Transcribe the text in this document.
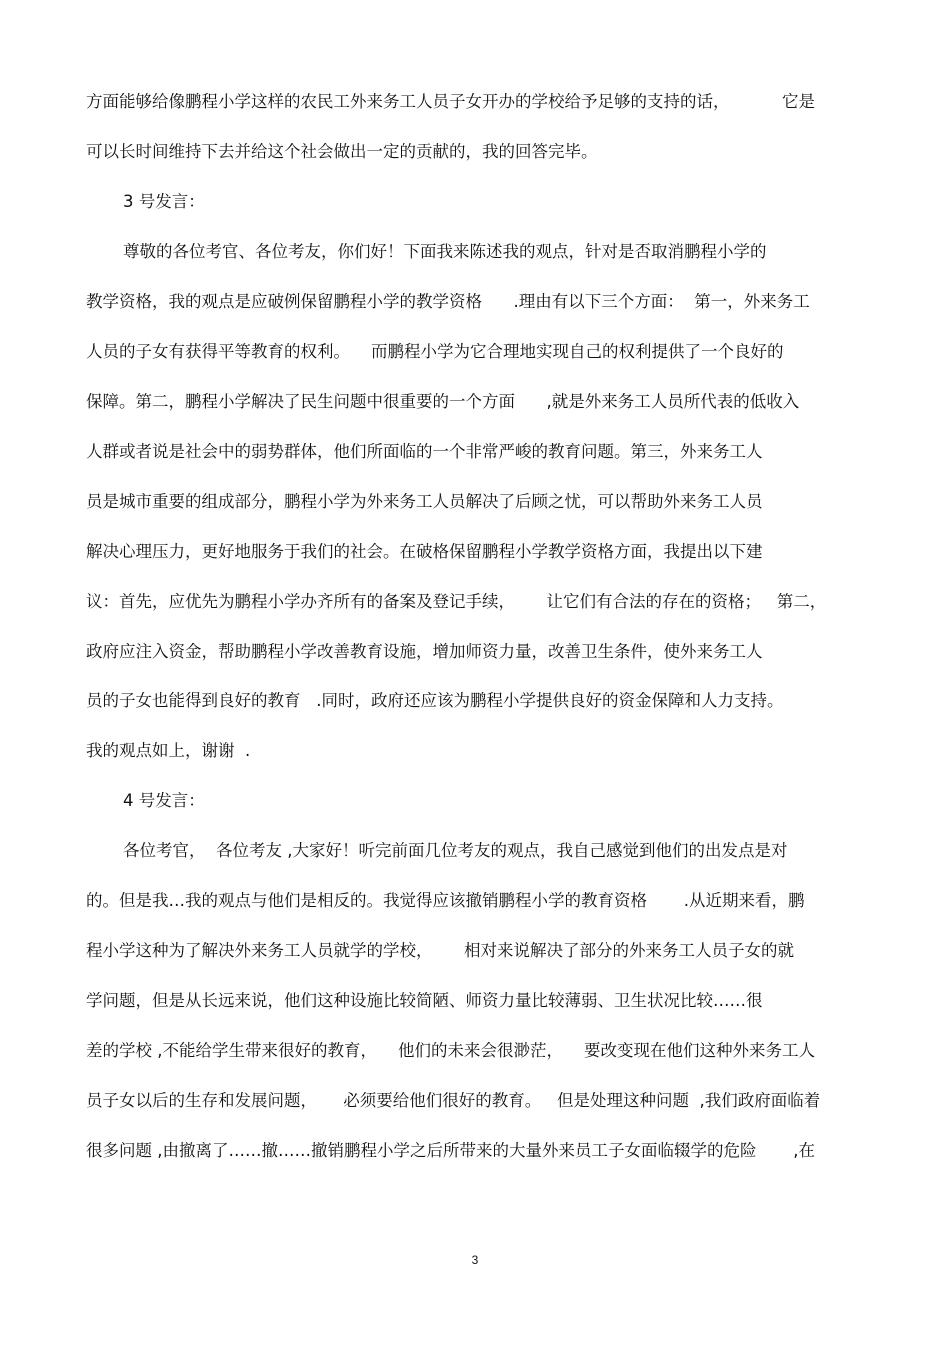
方面能够给像鹏程小学这样的农民工外来务工人员子女开办的学校给予足够的支持的话，          它是
可以长时间维持下去并给这个社会做出一定的贡献的，我的回答完毕。
3 号发言：
尊敬的各位考官、各位考友，你们好！下面我来陈述我的观点，针对是否取消鹏程小学的
教学资格，我的观点是应破例保留鹏程小学的教学资格      .理由有以下三个方面：  第一，外来务工
人员的子女有获得平等教育的权利。    而鹏程小学为它合理地实现自己的权利提供了一个良好的
保障。第二，鹏程小学解决了民生问题中很重要的一个方面      ,就是外来务工人员所代表的低收入
人群或者说是社会中的弱势群体，他们所面临的一个非常严峻的教育问题。第三，外来务工人
员是城市重要的组成部分，鹏程小学为外来务工人员解决了后顾之忧，可以帮助外来务工人员
解决心理压力，更好地服务于我们的社会。在破格保留鹏程小学教学资格方面，我提出以下建
议：首先，应优先为鹏程小学办齐所有的备案及登记手续，      让它们有合法的存在的资格；   第二，
政府应注入资金，帮助鹏程小学改善教育设施，增加师资力量，改善卫生条件，使外来务工人
员的子女也能得到良好的教育   .同时，政府还应该为鹏程小学提供良好的资金保障和人力支持。
我的观点如上，谢谢  .
4 号发言：
各位考官，  各位考友 ,大家好！听完前面几位考友的观点，我自己感觉到他们的出发点是对
的。但是我…我的观点与他们是相反的。我觉得应该撤销鹏程小学的教育资格       .从近期来看，鹏
程小学这种为了解决外来务工人员就学的学校，      相对来说解决了部分的外来务工人员子女的就
学问题，但是从长远来说，他们这种设施比较简陋、师资力量比较薄弱、卫生状况比较……很
差的学校 ,不能给学生带来很好的教育，    他们的未来会很渺茫，    要改变现在他们这种外来务工人
员子女以后的生存和发展问题，     必须要给他们很好的教育。   但是处理这种问题  ,我们政府面临着
很多问题 ,由撤离了……撤……撤销鹏程小学之后所带来的大量外来员工子女面临辍学的危险       ,在
3
